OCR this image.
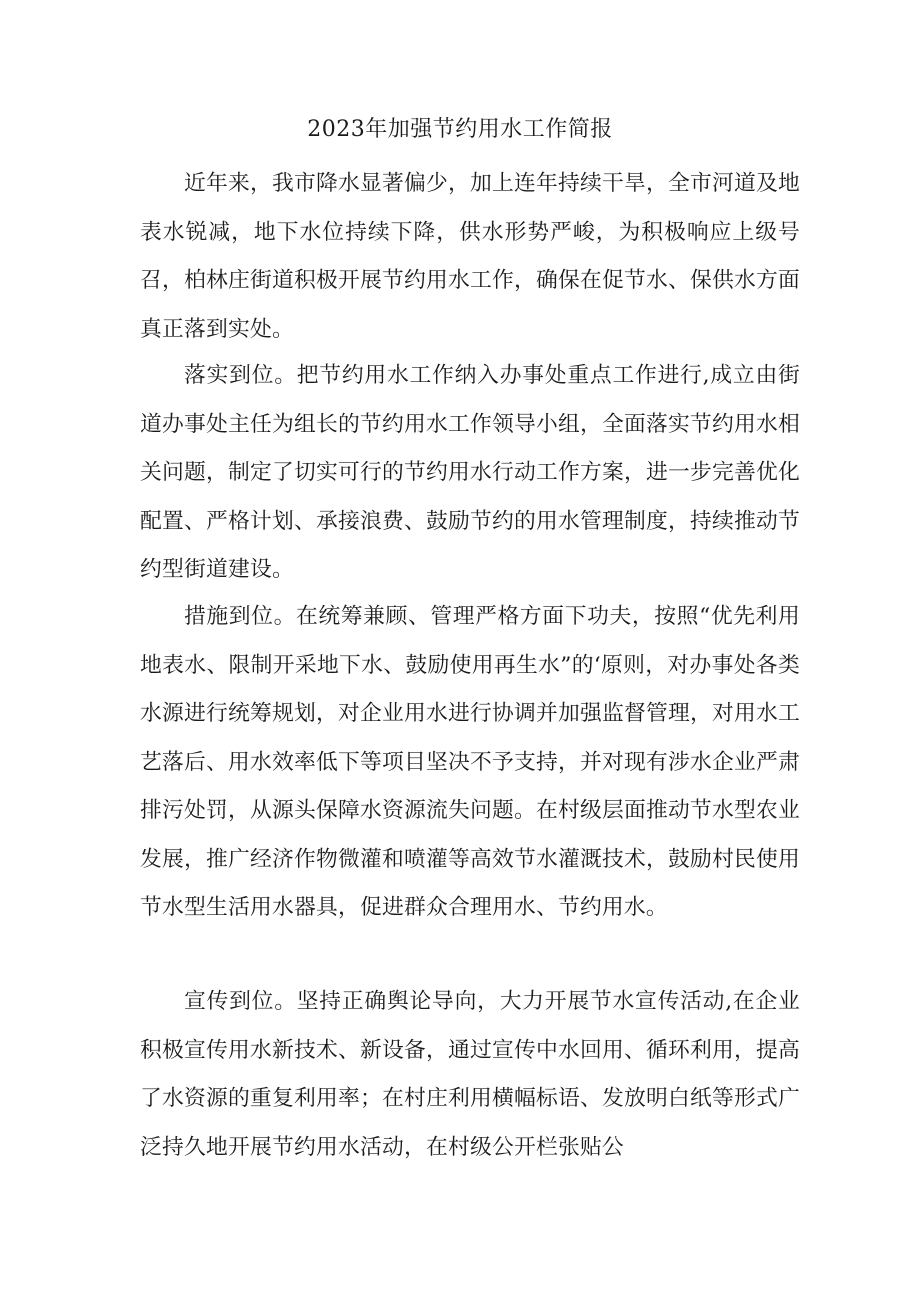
2023年加强节约用水工作简报

近年来，我市降水显著偏少，加上连年持续干旱，全市河道及地表水锐减，地下水位持续下降，供水形势严峻，为积极响应上级号召，柏林庄街道积极开展节约用水工作，确保在促节水、保供水方面真正落到实处。

落实到位。把节约用水工作纳入办事处重点工作进行,成立由街道办事处主任为组长的节约用水工作领导小组，全面落实节约用水相关问题，制定了切实可行的节约用水行动工作方案，进一步完善优化配置、严格计划、承接浪费、鼓励节约的用水管理制度，持续推动节约型街道建设。

措施到位。在统筹兼顾、管理严格方面下功夫，按照“优先利用地表水、限制开采地下水、鼓励使用再生水”的‘原则，对办事处各类水源进行统筹规划，对企业用水进行协调并加强监督管理，对用水工艺落后、用水效率低下等项目坚决不予支持，并对现有涉水企业严肃排污处罚，从源头保障水资源流失问题。在村级层面推动节水型农业发展，推广经济作物微灌和喷灌等高效节水灌溉技术，鼓励村民使用节水型生活用水器具，促进群众合理用水、节约用水。

宣传到位。坚持正确舆论导向，大力开展节水宣传活动,在企业积极宣传用水新技术、新设备，通过宣传中水回用、循环利用，提高了水资源的重复利用率；在村庄利用横幅标语、发放明白纸等形式广泛持久地开展节约用水活动，在村级公开栏张贴公
